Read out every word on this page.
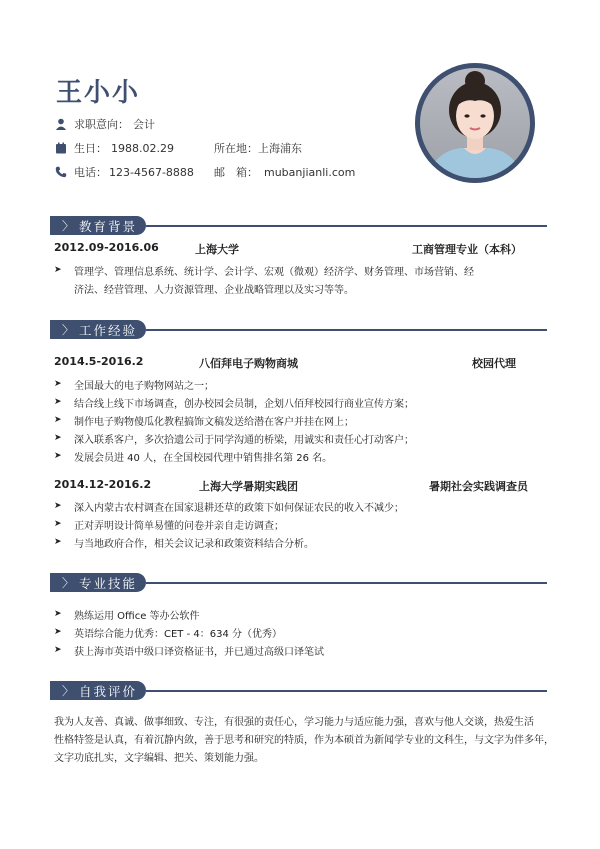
王小小
求职意向： 会计
生日： 1988.02.29	所在地： 上海浦东
电话： 123-4567-8888 邮　箱： mubanjianli.com
〉 教育背景
2012.09-2016.06	上海大学	工商管理专业（本科）
➤	管理学、管理信息系统、统计学、会计学、宏观（微观）经济学、财务管理、市场营销、经
济法、经营管理、人力资源管理、企业战略管理以及实习等等。
〉 工作经验
2014.5-2016.2	八佰拜电子购物商城	校园代理
➤	全国最大的电子购物网站之一；
➤	结合线上线下市场调查，创办校园会员制，企划八佰拜校园行商业宣传方案；
➤	制作电子购物傻瓜化教程搞饰文稿发送给潜在客户并挂在网上；
➤	深入联系客户，多次拾遗公司于同学沟通的桥梁，用诚实和责任心打动客户；
➤	发展会员进 40 人，在全国校园代理中销售排名第 26 名。
2014.12-2016.2	上海大学暑期实践团	暑期社会实践调查员
➤	深入内蒙古农村调查在国家退耕还草的政策下如何保证农民的收入不减少；
➤	正对弄明设计简单易懂的问卷并亲自走访调查；
➤	与当地政府合作，相关会议记录和政策资料结合分析。
〉 专业技能
➤	熟练运用 Office 等办公软件
➤	英语综合能力优秀：CET - 4：634 分（优秀）
➤	获上海市英语中级口译资格证书，并已通过高级口译笔试
〉 自我评价
我为人友善、真诚、做事细致、专注，有很强的责任心，学习能力与适应能力强，喜欢与他人交谈，热爱生活
性格特签是认真，有着沉静内敛，善于思考和研究的特质，作为本硕首为新闻学专业的文科生，与文字为伴多年，
文字功底扎实，文字编辑、把关、策划能力强。
